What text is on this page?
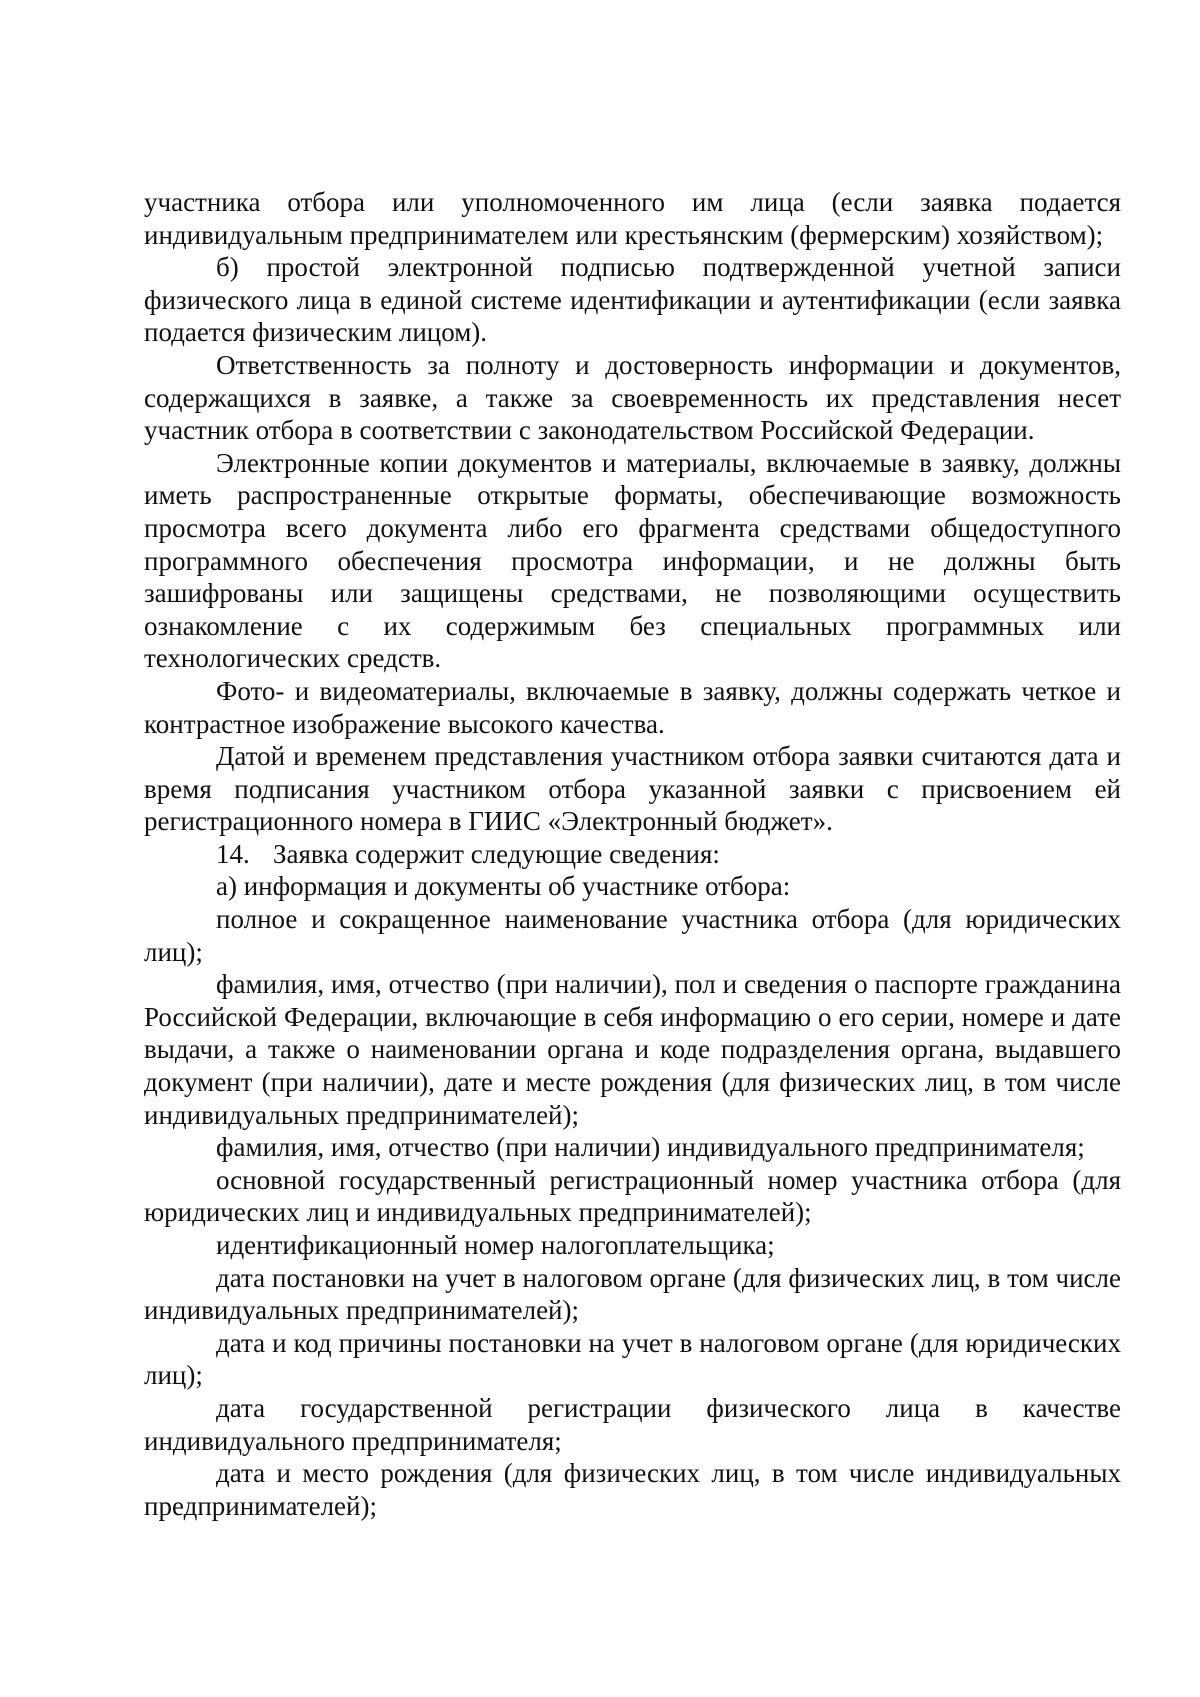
участника отбора или уполномоченного им лица (если заявка подается индивидуальным предпринимателем или крестьянским (фермерским) хозяйством);

б) простой электронной подписью подтвержденной учетной записи физического лица в единой системе идентификации и аутентификации (если заявка подается физическим лицом).

Ответственность за полноту и достоверность информации и документов, содержащихся в заявке, а также за своевременность их представления несет участник отбора в соответствии с законодательством Российской Федерации.

Электронные копии документов и материалы, включаемые в заявку, должны иметь распространенные открытые форматы, обеспечивающие возможность просмотра всего документа либо его фрагмента средствами общедоступного программного обеспечения просмотра информации, и не должны быть зашифрованы или защищены средствами, не позволяющими осуществить ознакомление с их содержимым без специальных программных или технологических средств.

Фото- и видеоматериалы, включаемые в заявку, должны содержать четкое и контрастное изображение высокого качества.

Датой и временем представления участником отбора заявки считаются дата и время подписания участником отбора указанной заявки с присвоением ей регистрационного номера в ГИИС «Электронный бюджет».

14. Заявка содержит следующие сведения:

а) информация и документы об участнике отбора:

полное и сокращенное наименование участника отбора (для юридических лиц);

фамилия, имя, отчество (при наличии), пол и сведения о паспорте гражданина Российской Федерации, включающие в себя информацию о его серии, номере и дате выдачи, а также о наименовании органа и коде подразделения органа, выдавшего документ (при наличии), дате и месте рождения (для физических лиц, в том числе индивидуальных предпринимателей);

фамилия, имя, отчество (при наличии) индивидуального предпринимателя;

основной государственный регистрационный номер участника отбора (для юридических лиц и индивидуальных предпринимателей);

идентификационный номер налогоплательщика;

дата постановки на учет в налоговом органе (для физических лиц, в том числе индивидуальных предпринимателей);

дата и код причины постановки на учет в налоговом органе (для юридических лиц);

дата государственной регистрации физического лица в качестве индивидуального предпринимателя;

дата и место рождения (для физических лиц, в том числе индивидуальных предпринимателей);
